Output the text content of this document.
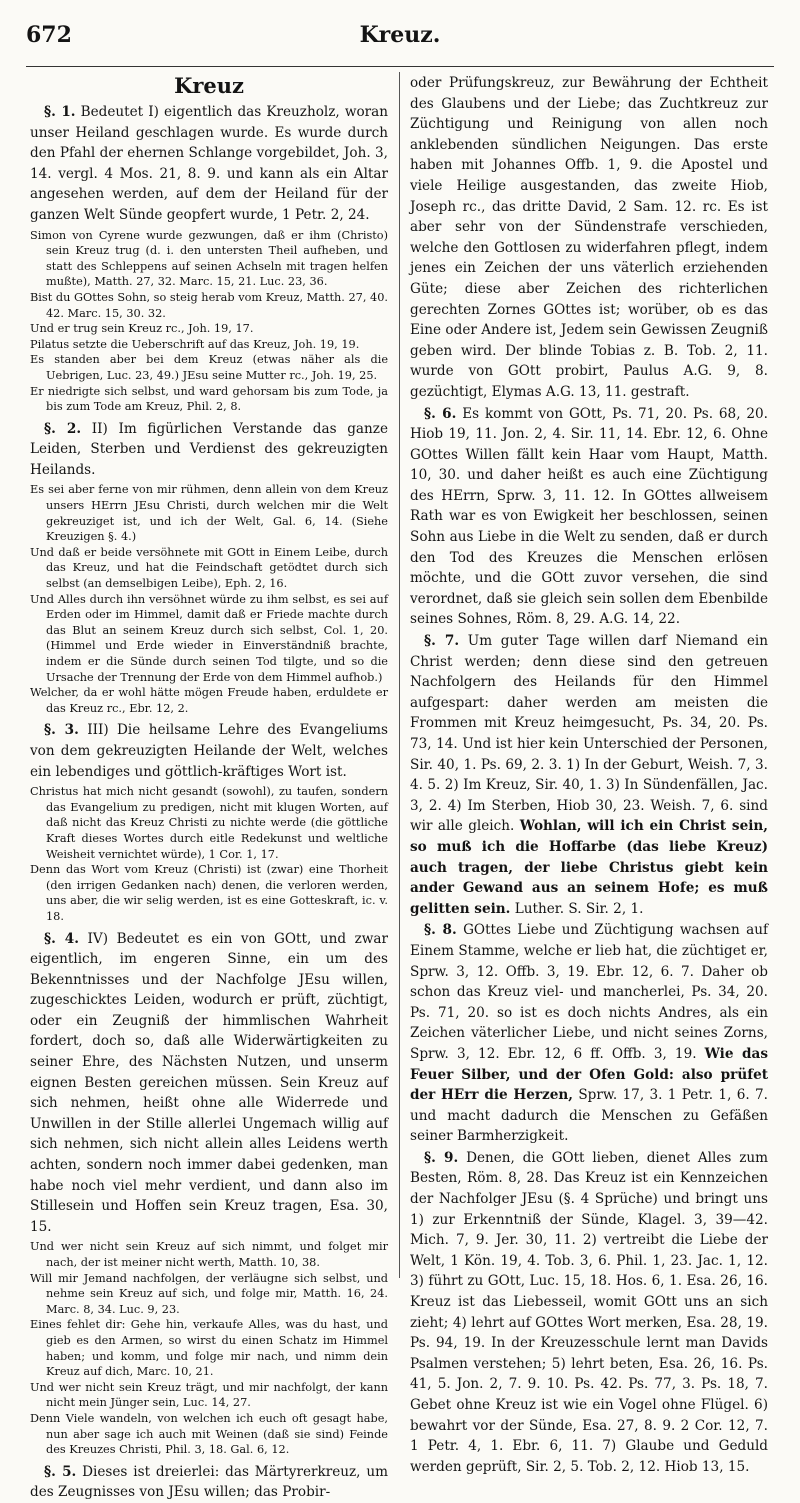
672	Kreuz.
Kreuz

§. 1. Bedeutet I) eigentlich das Kreuzholz, woran unser Heiland geschlagen wurde. Es wurde durch den Pfahl der ehernen Schlange vorgebildet, Joh. 3, 14. vergl. 4 Mos. 21, 8. 9. und kann als ein Altar angesehen werden, auf dem der Heiland für der ganzen Welt Sünde geopfert wurde, 1 Petr. 2, 24.

Simon von Cyrene wurde gezwungen, daß er ihm (Christo) sein Kreuz trug (d. i. den untersten Theil aufheben, und statt des Schleppens auf seinen Achseln mit tragen helfen mußte), Matth. 27, 32. Marc. 15, 21. Luc. 23, 36.

Bist du GOttes Sohn, so steig herab vom Kreuz, Matth. 27, 40. 42. Marc. 15, 30. 32.

Und er trug sein Kreuz rc., Joh. 19, 17.

Pilatus setzte die Ueberschrift auf das Kreuz, Joh. 19, 19.

Es standen aber bei dem Kreuz (etwas näher als die Uebrigen, Luc. 23, 49.) JEsu seine Mutter rc., Joh. 19, 25.

Er niedrigte sich selbst, und ward gehorsam bis zum Tode, ja bis zum Tode am Kreuz, Phil. 2, 8.

§. 2. II) Im figürlichen Verstande das ganze Leiden, Sterben und Verdienst des gekreuzigten Heilands.

Es sei aber ferne von mir rühmen, denn allein von dem Kreuz unsers HErrn JEsu Christi, durch welchen mir die Welt gekreuziget ist, und ich der Welt, Gal. 6, 14. (Siehe Kreuzigen §. 4.)

Und daß er beide versöhnete mit GOtt in Einem Leibe, durch das Kreuz, und hat die Feindschaft getödtet durch sich selbst (an demselbigen Leibe), Eph. 2, 16.

Und Alles durch ihn versöhnet würde zu ihm selbst, es sei auf Erden oder im Himmel, damit daß er Friede machte durch das Blut an seinem Kreuz durch sich selbst, Col. 1, 20. (Himmel und Erde wieder in Einverständniß brachte, indem er die Sünde durch seinen Tod tilgte, und so die Ursache der Trennung der Erde von dem Himmel aufhob.)

Welcher, da er wohl hätte mögen Freude haben, erduldete er das Kreuz rc., Ebr. 12, 2.

§. 3. III) Die heilsame Lehre des Evangeliums von dem gekreuzigten Heilande der Welt, welches ein lebendiges und göttlich-kräftiges Wort ist.

Christus hat mich nicht gesandt (sowohl), zu taufen, sondern das Evangelium zu predigen, nicht mit klugen Worten, auf daß nicht das Kreuz Christi zu nichte werde (die göttliche Kraft dieses Wortes durch eitle Redekunst und weltliche Weisheit vernichtet würde), 1 Cor. 1, 17.

Denn das Wort vom Kreuz (Christi) ist (zwar) eine Thorheit (den irrigen Gedanken nach) denen, die verloren werden, uns aber, die wir selig werden, ist es eine Gotteskraft, ic. v. 18.

§. 4. IV) Bedeutet es ein von GOtt, und zwar eigentlich, im engeren Sinne, ein um des Bekenntnisses und der Nachfolge JEsu willen, zugeschicktes Leiden, wodurch er prüft, züchtigt, oder ein Zeugniß der himmlischen Wahrheit fordert, doch so, daß alle Widerwärtigkeiten zu seiner Ehre, des Nächsten Nutzen, und unserm eignen Besten gereichen müssen. Sein Kreuz auf sich nehmen, heißt ohne alle Widerrede und Unwillen in der Stille allerlei Ungemach willig auf sich nehmen, sich nicht allein alles Leidens werth achten, sondern noch immer dabei gedenken, man habe noch viel mehr verdient, und dann also im Stillesein und Hoffen sein Kreuz tragen, Esa. 30, 15.

Und wer nicht sein Kreuz auf sich nimmt, und folget mir nach, der ist meiner nicht werth, Matth. 10, 38.

Will mir Jemand nachfolgen, der verläugne sich selbst, und nehme sein Kreuz auf sich, und folge mir, Matth. 16, 24. Marc. 8, 34. Luc. 9, 23.

Eines fehlet dir: Gehe hin, verkaufe Alles, was du hast, und gieb es den Armen, so wirst du einen Schatz im Himmel haben; und komm, und folge mir nach, und nimm dein Kreuz auf dich, Marc. 10, 21.

Und wer nicht sein Kreuz trägt, und mir nachfolgt, der kann nicht mein Jünger sein, Luc. 14, 27.

Denn Viele wandeln, von welchen ich euch oft gesagt habe, nun aber sage ich auch mit Weinen (daß sie sind) Feinde des Kreuzes Christi, Phil. 3, 18. Gal. 6, 12.

§. 5. Dieses ist dreierlei: das Märtyrerkreuz, um des Zeugnisses von JEsu willen; das Probir-

oder Prüfungskreuz, zur Bewährung der Echtheit des Glaubens und der Liebe; das Zuchtkreuz zur Züchtigung und Reinigung von allen noch anklebenden sündlichen Neigungen. Das erste haben mit Johannes Offb. 1, 9. die Apostel und viele Heilige ausgestanden, das zweite Hiob, Joseph rc., das dritte David, 2 Sam. 12. rc. Es ist aber sehr von der Sündenstrafe verschieden, welche den Gottlosen zu widerfahren pflegt, indem jenes ein Zeichen der uns väterlich erziehenden Güte; diese aber Zeichen des richterlichen gerechten Zornes GOttes ist; worüber, ob es das Eine oder Andere ist, Jedem sein Gewissen Zeugniß geben wird. Der blinde Tobias z. B. Tob. 2, 11. wurde von GOtt probirt, Paulus A.G. 9, 8. gezüchtigt, Elymas A.G. 13, 11. gestraft.

§. 6. Es kommt von GOtt, Ps. 71, 20. Ps. 68, 20. Hiob 19, 11. Jon. 2, 4. Sir. 11, 14. Ebr. 12, 6. Ohne GOttes Willen fällt kein Haar vom Haupt, Matth. 10, 30. und daher heißt es auch eine Züchtigung des HErrn, Sprw. 3, 11. 12. In GOttes allweisem Rath war es von Ewigkeit her beschlossen, seinen Sohn aus Liebe in die Welt zu senden, daß er durch den Tod des Kreuzes die Menschen erlösen möchte, und die GOtt zuvor versehen, die sind verordnet, daß sie gleich sein sollen dem Ebenbilde seines Sohnes, Röm. 8, 29. A.G. 14, 22.

§. 7. Um guter Tage willen darf Niemand ein Christ werden; denn diese sind den getreuen Nachfolgern des Heilands für den Himmel aufgespart: daher werden am meisten die Frommen mit Kreuz heimgesucht, Ps. 34, 20. Ps. 73, 14. Und ist hier kein Unterschied der Personen, Sir. 40, 1. Ps. 69, 2. 3. 1) In der Geburt, Weish. 7, 3. 4. 5. 2) Im Kreuz, Sir. 40, 1. 3) In Sündenfällen, Jac. 3, 2. 4) Im Sterben, Hiob 30, 23. Weish. 7, 6. sind wir alle gleich. Wohlan, will ich ein Christ sein, so muß ich die Hoffarbe (das liebe Kreuz) auch tragen, der liebe Christus giebt kein ander Gewand aus an seinem Hofe; es muß gelitten sein. Luther. S. Sir. 2, 1.

§. 8. GOttes Liebe und Züchtigung wachsen auf Einem Stamme, welche er lieb hat, die züchtiget er, Sprw. 3, 12. Offb. 3, 19. Ebr. 12, 6. 7. Daher ob schon das Kreuz viel- und mancherlei, Ps. 34, 20. Ps. 71, 20. so ist es doch nichts Andres, als ein Zeichen väterlicher Liebe, und nicht seines Zorns, Sprw. 3, 12. Ebr. 12, 6 ff. Offb. 3, 19. Wie das Feuer Silber, und der Ofen Gold: also prüfet der HErr die Herzen, Sprw. 17, 3. 1 Petr. 1, 6. 7. und macht dadurch die Menschen zu Gefäßen seiner Barmherzigkeit.

§. 9. Denen, die GOtt lieben, dienet Alles zum Besten, Röm. 8, 28. Das Kreuz ist ein Kennzeichen der Nachfolger JEsu (§. 4 Sprüche) und bringt uns 1) zur Erkenntniß der Sünde, Klagel. 3, 39—42. Mich. 7, 9. Jer. 30, 11. 2) vertreibt die Liebe der Welt, 1 Kön. 19, 4. Tob. 3, 6. Phil. 1, 23. Jac. 1, 12. 3) führt zu GOtt, Luc. 15, 18. Hos. 6, 1. Esa. 26, 16. Kreuz ist das Liebesseil, womit GOtt uns an sich zieht; 4) lehrt auf GOttes Wort merken, Esa. 28, 19. Ps. 94, 19. In der Kreuzesschule lernt man Davids Psalmen verstehen; 5) lehrt beten, Esa. 26, 16. Ps. 41, 5. Jon. 2, 7. 9. 10. Ps. 42. Ps. 77, 3. Ps. 18, 7. Gebet ohne Kreuz ist wie ein Vogel ohne Flügel. 6) bewahrt vor der Sünde, Esa. 27, 8. 9. 2 Cor. 12, 7. 1 Petr. 4, 1. Ebr. 6, 11. 7) Glaube und Geduld werden geprüft, Sir. 2, 5. Tob. 2, 12. Hiob 13, 15.
